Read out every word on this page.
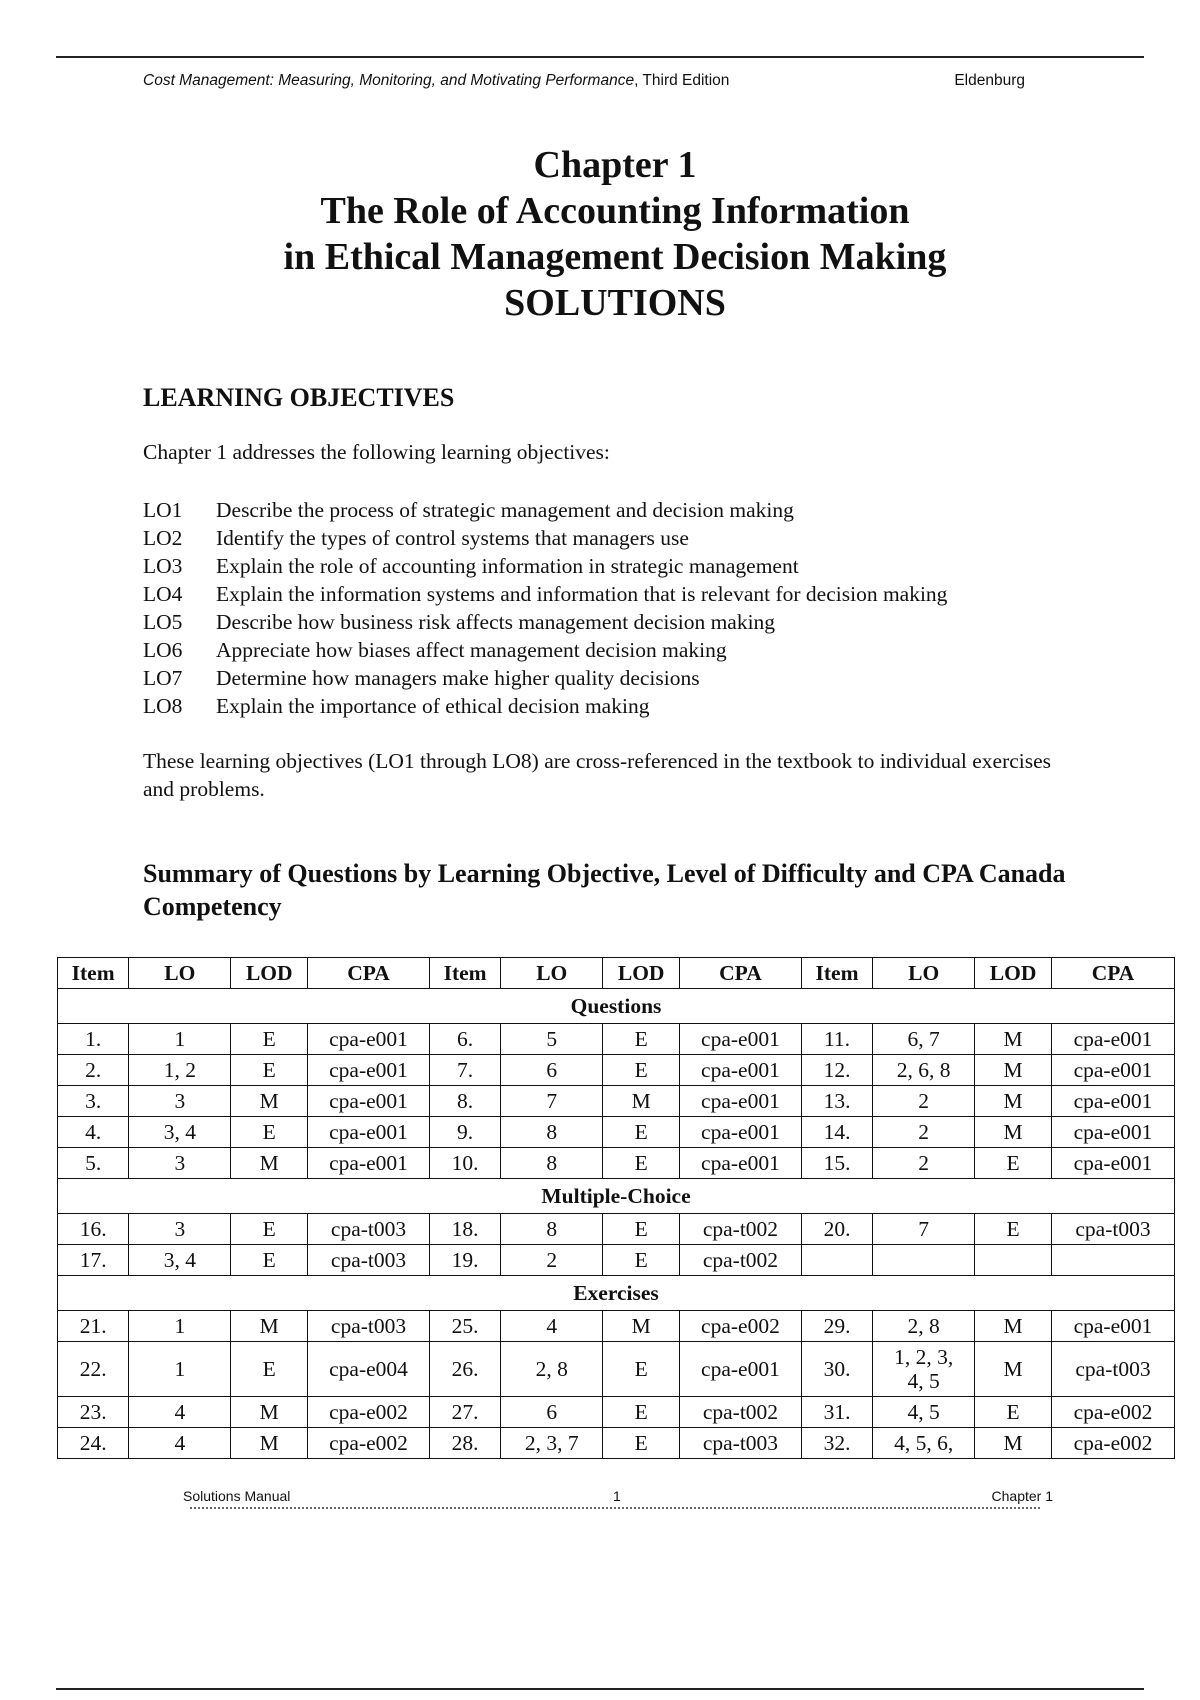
Cost Management: Measuring, Monitoring, and Motivating Performance, Third Edition	Eldenburg
Chapter 1
The Role of Accounting Information
in Ethical Management Decision Making
SOLUTIONS
LEARNING OBJECTIVES
Chapter 1 addresses the following learning objectives:
LO1	Describe the process of strategic management and decision making
LO2	Identify the types of control systems that managers use
LO3	Explain the role of accounting information in strategic management
LO4	Explain the information systems and information that is relevant for decision making
LO5	Describe how business risk affects management decision making
LO6	Appreciate how biases affect management decision making
LO7	Determine how managers make higher quality decisions
LO8	Explain the importance of ethical decision making
These learning objectives (LO1 through LO8) are cross-referenced in the textbook to individual exercises and problems.
Summary of Questions by Learning Objective, Level of Difficulty and CPA Canada Competency
Item	LO	LOD	CPA	Item	LO	LOD	CPA	Item	LO	LOD	CPA
Questions											
1.	1	E	cpa-e001	6.	5	E	cpa-e001	11.	6, 7	M	cpa-e001
2.	1, 2	E	cpa-e001	7.	6	E	cpa-e001	12.	2, 6, 8	M	cpa-e001
3.	3	M	cpa-e001	8.	7	M	cpa-e001	13.	2	M	cpa-e001
4.	3, 4	E	cpa-e001	9.	8	E	cpa-e001	14.	2	M	cpa-e001
5.	3	M	cpa-e001	10.	8	E	cpa-e001	15.	2	E	cpa-e001
Multiple-Choice											
16.	3	E	cpa-t003	18.	8	E	cpa-t002	20.	7	E	cpa-t003
17.	3, 4	E	cpa-t003	19.	2	E	cpa-t002				
Exercises											
21.	1	M	cpa-t003	25.	4	M	cpa-e002	29.	2, 8	M	cpa-e001
22.	1	E	cpa-e004	26.	2, 8	E	cpa-e001	30.	1, 2, 3,
4, 5	M	cpa-t003
23.	4	M	cpa-e002	27.	6	E	cpa-t002	31.	4, 5	E	cpa-e002
24.	4	M	cpa-e002	28.	2, 3, 7	E	cpa-t003	32.	4, 5, 6,	M	cpa-e002
Solutions Manual	1	Chapter 1
